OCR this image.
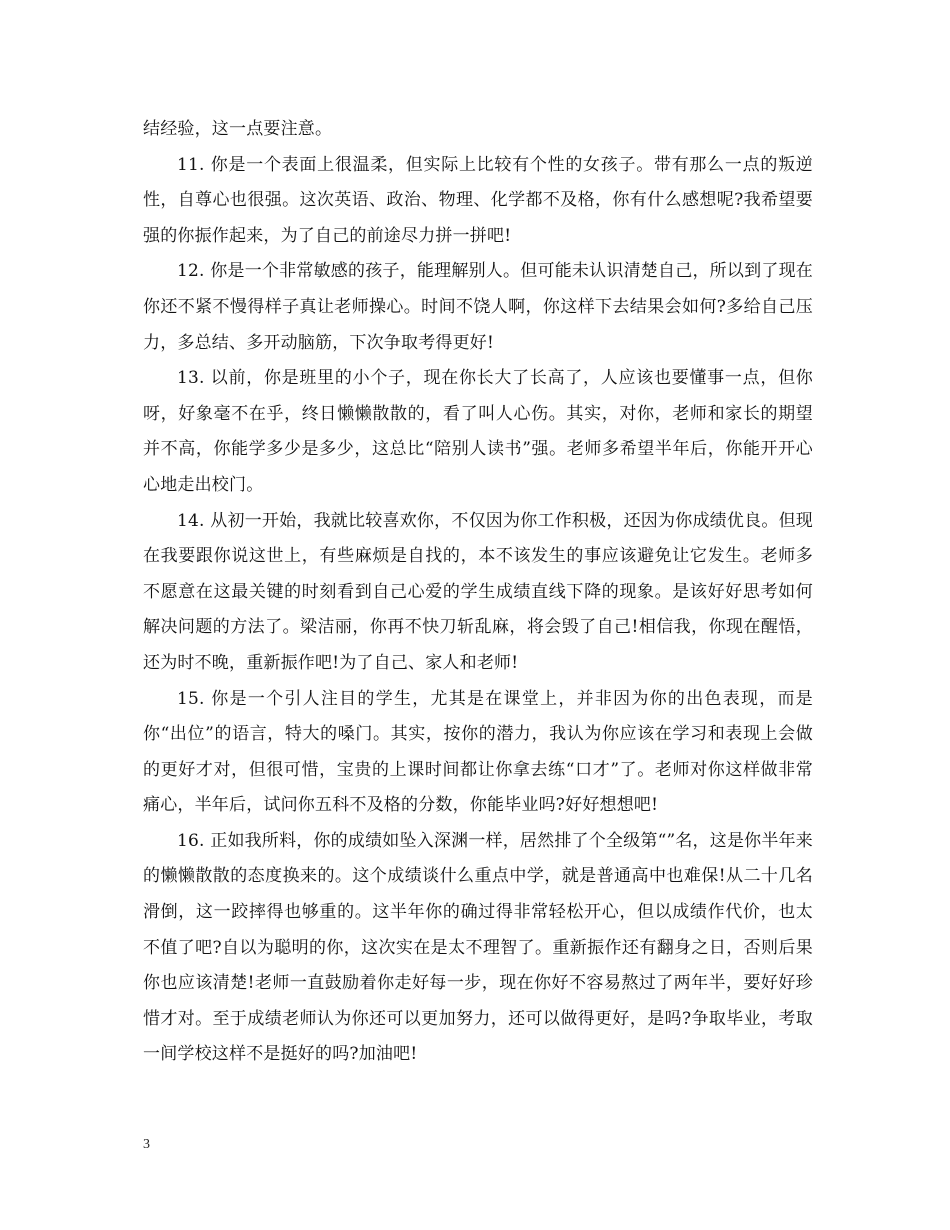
结经验，这一点要注意。

11. 你是一个表面上很温柔，但实际上比较有个性的女孩子。带有那么一点的叛逆性，自尊心也很强。这次英语、政治、物理、化学都不及格，你有什么感想呢?我希望要强的你振作起来，为了自己的前途尽力拼一拼吧!

12. 你是一个非常敏感的孩子，能理解别人。但可能未认识清楚自己，所以到了现在你还不紧不慢得样子真让老师操心。时间不饶人啊，你这样下去结果会如何?多给自己压力，多总结、多开动脑筋，下次争取考得更好!

13. 以前，你是班里的小个子，现在你长大了长高了，人应该也要懂事一点，但你呀，好象毫不在乎，终日懒懒散散的，看了叫人心伤。其实，对你，老师和家长的期望并不高，你能学多少是多少，这总比“陪别人读书”强。老师多希望半年后，你能开开心心地走出校门。

14. 从初一开始，我就比较喜欢你，不仅因为你工作积极，还因为你成绩优良。但现在我要跟你说这世上，有些麻烦是自找的，本不该发生的事应该避免让它发生。老师多不愿意在这最关键的时刻看到自己心爱的学生成绩直线下降的现象。是该好好思考如何解决问题的方法了。梁洁丽，你再不快刀斩乱麻，将会毁了自己!相信我，你现在醒悟，还为时不晚，重新振作吧!为了自己、家人和老师!

15. 你是一个引人注目的学生，尤其是在课堂上，并非因为你的出色表现，而是你“出位”的语言，特大的嗓门。其实，按你的潜力，我认为你应该在学习和表现上会做的更好才对，但很可惜，宝贵的上课时间都让你拿去练“口才”了。老师对你这样做非常痛心，半年后，试问你五科不及格的分数，你能毕业吗?好好想想吧!

16. 正如我所料，你的成绩如坠入深渊一样，居然排了个全级第“”名，这是你半年来的懒懒散散的态度换来的。这个成绩谈什么重点中学，就是普通高中也难保!从二十几名滑倒，这一跤摔得也够重的。这半年你的确过得非常轻松开心，但以成绩作代价，也太不值了吧?自以为聪明的你，这次实在是太不理智了。重新振作还有翻身之日，否则后果你也应该清楚!老师一直鼓励着你走好每一步，现在你好不容易熬过了两年半，要好好珍惜才对。至于成绩老师认为你还可以更加努力，还可以做得更好，是吗?争取毕业，考取一间学校这样不是挺好的吗?加油吧!

3
